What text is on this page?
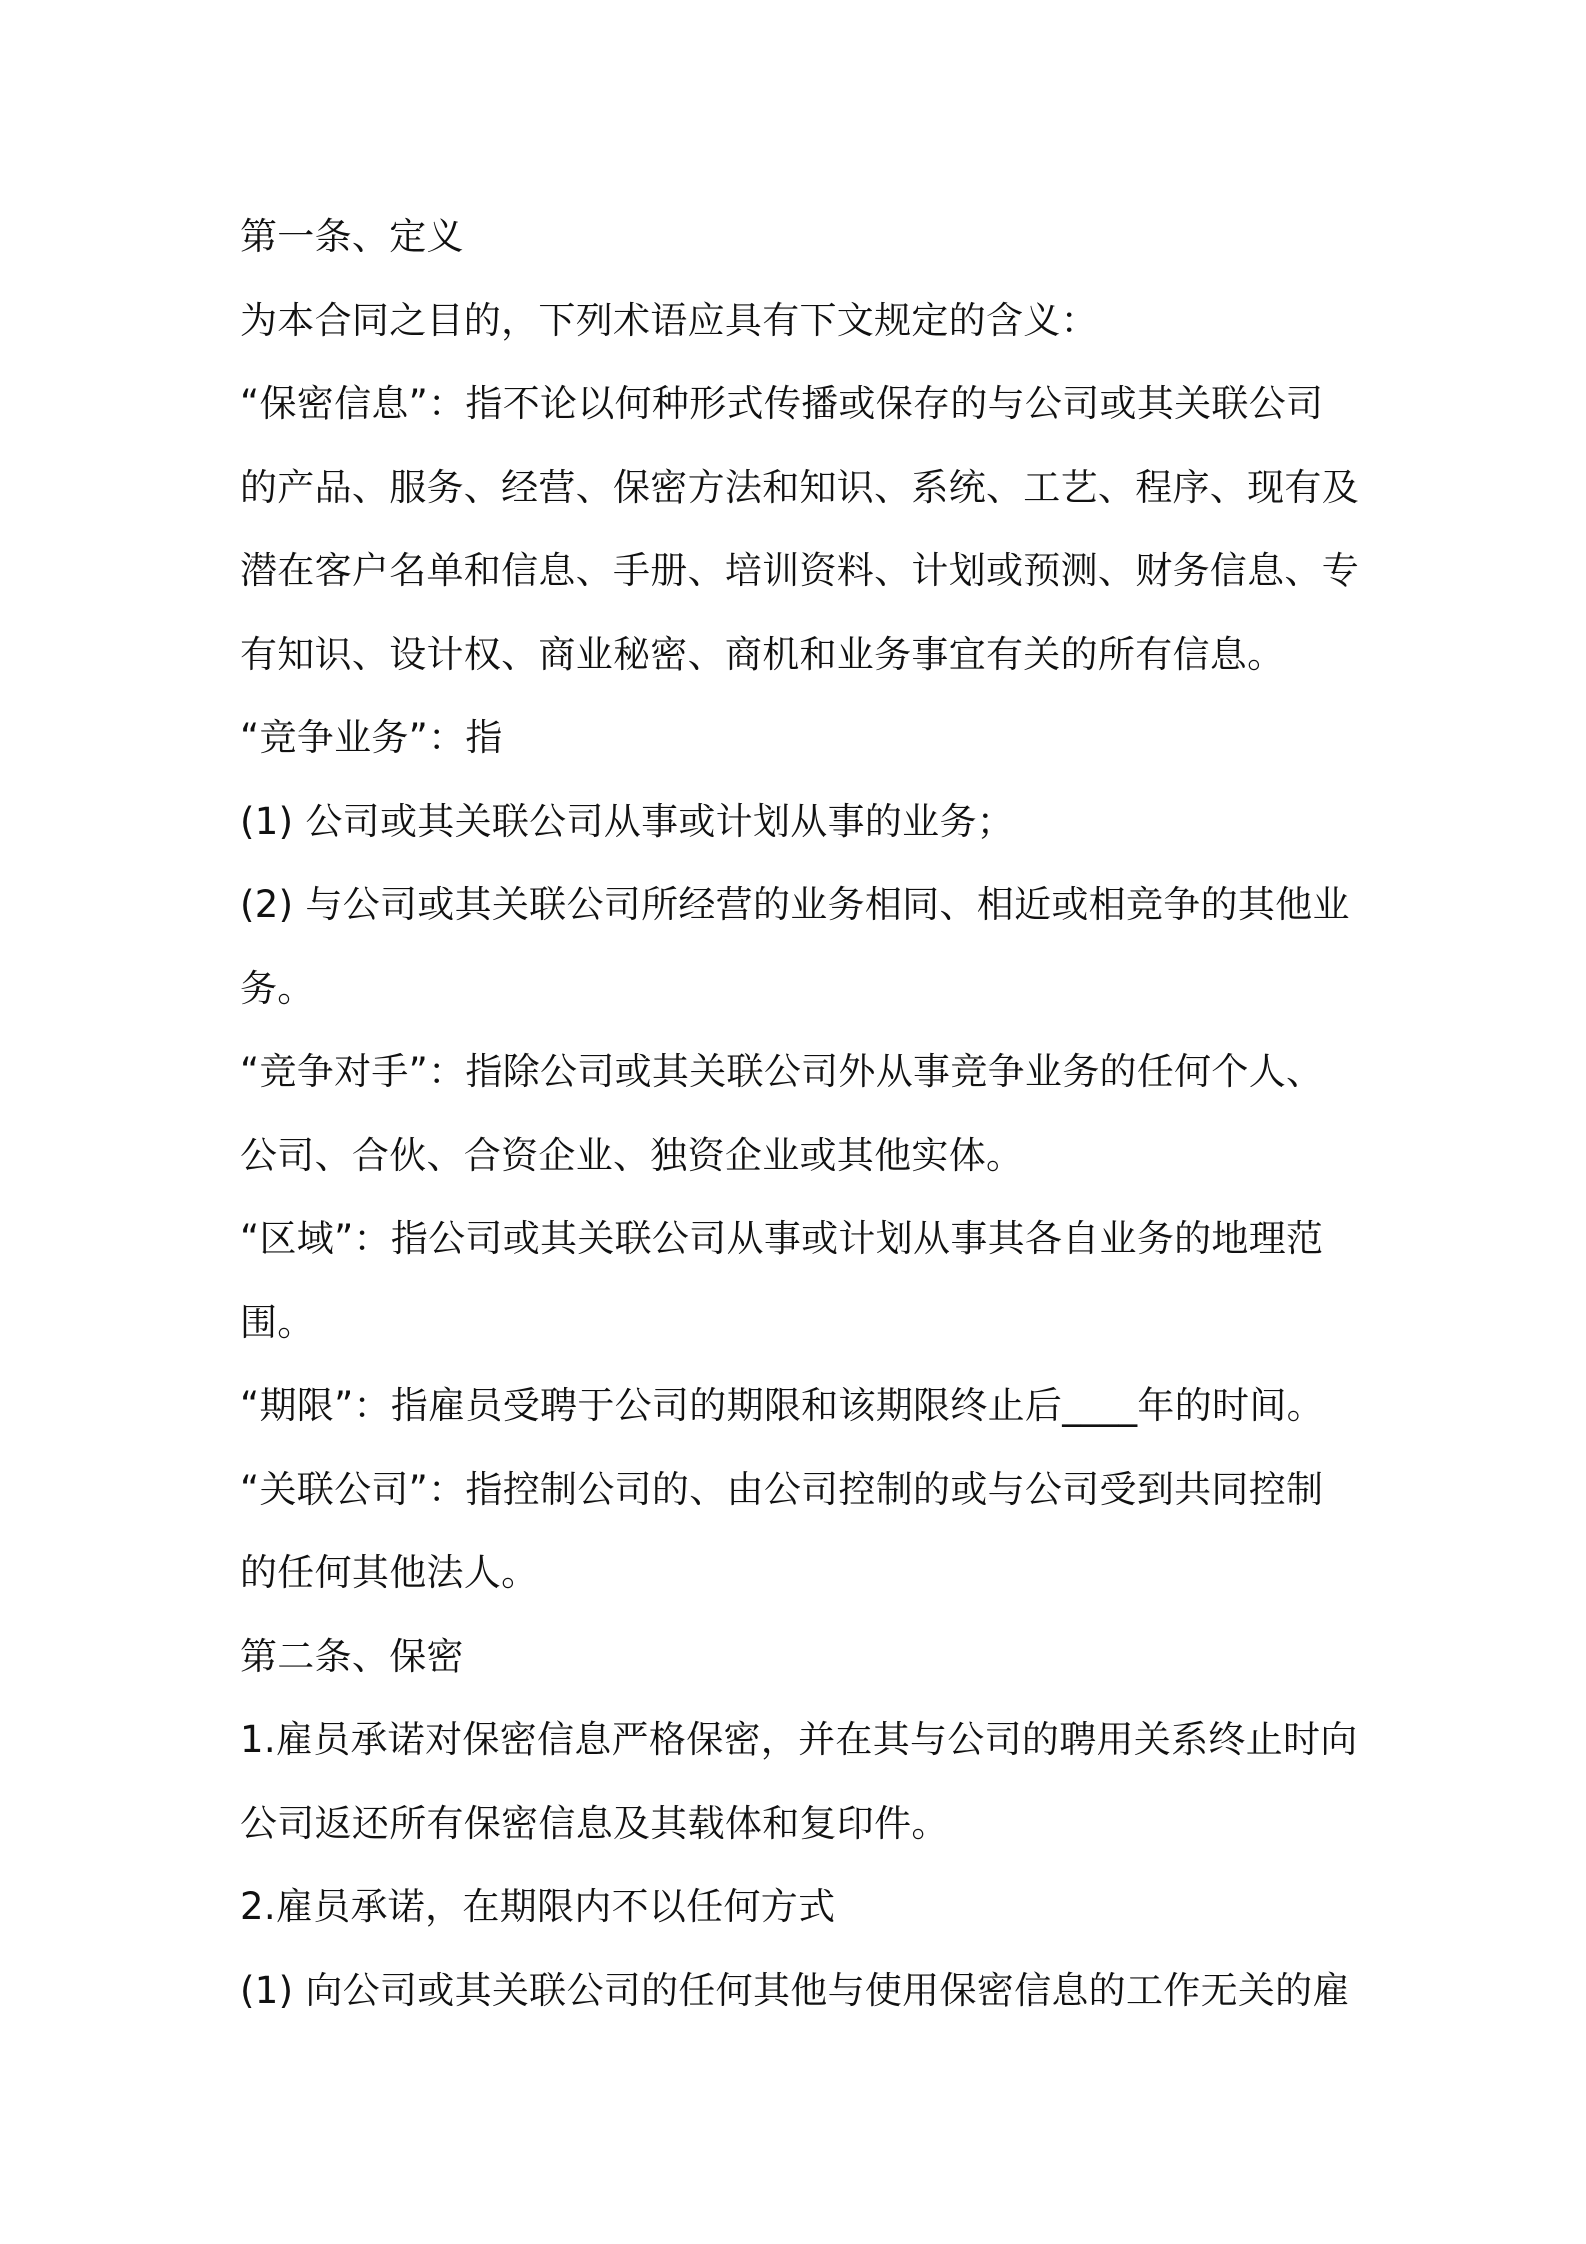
第一条、定义

为本合同之目的，下列术语应具有下文规定的含义：

“保密信息”：指不论以何种形式传播或保存的与公司或其关联公司的产品、服务、经营、保密方法和知识、系统、工艺、程序、现有及潜在客户名单和信息、手册、培训资料、计划或预测、财务信息、专有知识、设计权、商业秘密、商机和业务事宜有关的所有信息。

“竞争业务”：指

(1) 公司或其关联公司从事或计划从事的业务；

(2) 与公司或其关联公司所经营的业务相同、相近或相竞争的其他业务。

“竞争对手”：指除公司或其关联公司外从事竞争业务的任何个人、公司、合伙、合资企业、独资企业或其他实体。

“区域”：指公司或其关联公司从事或计划从事其各自业务的地理范围。

“期限”：指雇员受聘于公司的期限和该期限终止后____年的时间。

“关联公司”：指控制公司的、由公司控制的或与公司受到共同控制的任何其他法人。

第二条、保密

1.雇员承诺对保密信息严格保密，并在其与公司的聘用关系终止时向公司返还所有保密信息及其载体和复印件。

2.雇员承诺，在期限内不以任何方式

(1) 向公司或其关联公司的任何其他与使用保密信息的工作无关的雇
